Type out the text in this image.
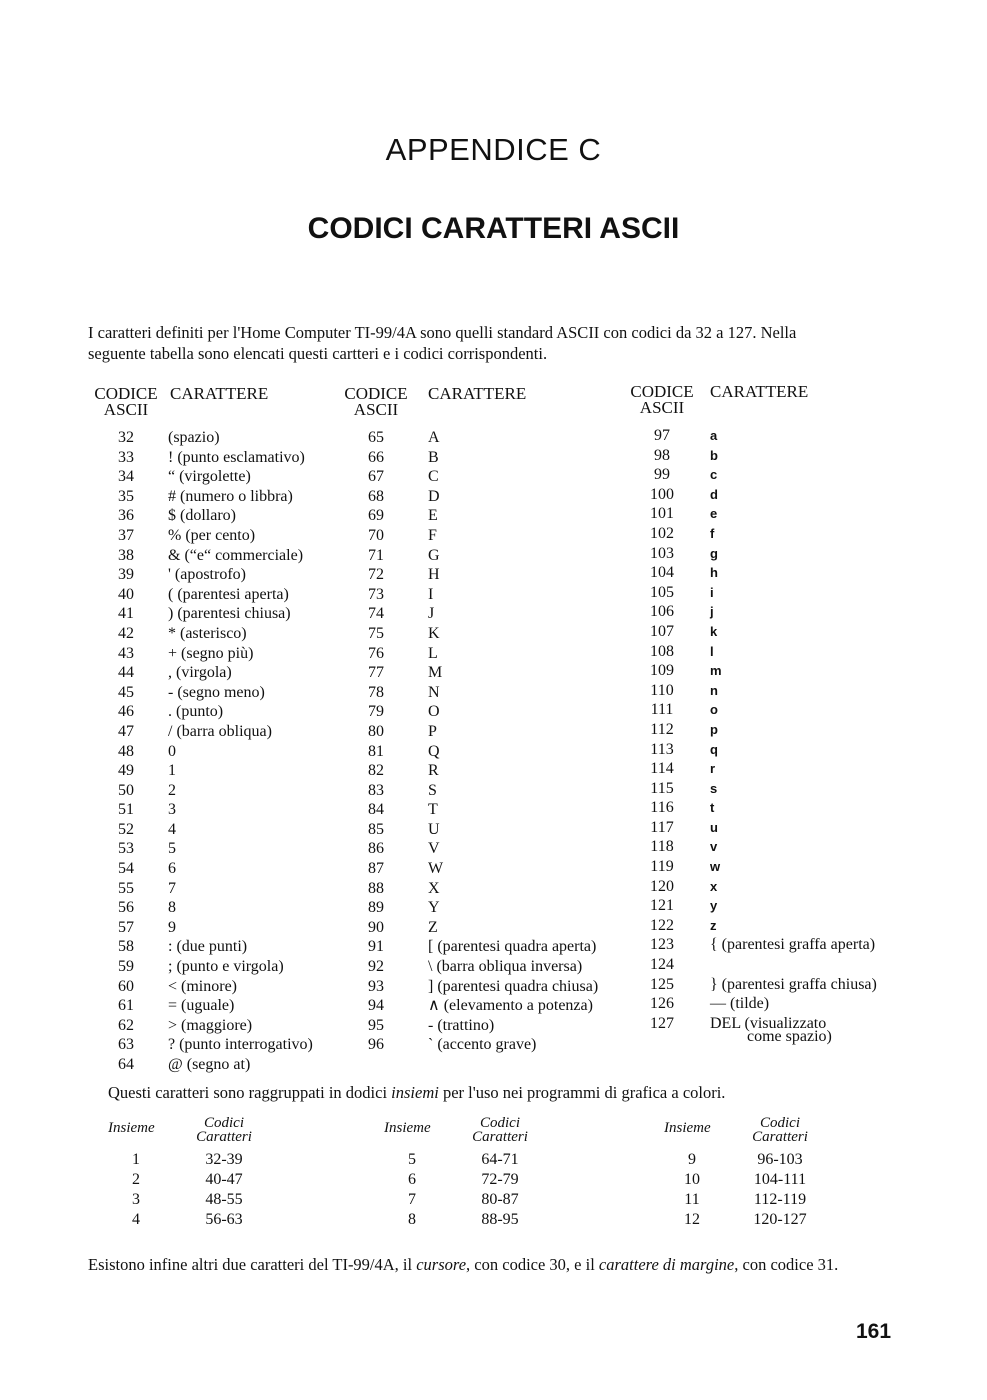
APPENDICE C
CODICI CARATTERI ASCII
I caratteri definiti per l'Home Computer TI-99/4A sono quelli standard ASCII con codici da 32 a 127. Nella
seguente tabella sono elencati questi cartteri e i codici corrispondenti.
CODICE
ASCII
CARATTERE
32	(spazio)
33	! (punto esclamativo)
34	“ (virgolette)
35	# (numero o libbra)
36	$ (dollaro)
37	% (per cento)
38	& (“e“ commerciale)
39	' (apostrofo)
40	( (parentesi aperta)
41	) (parentesi chiusa)
42	* (asterisco)
43	+ (segno più)
44	, (virgola)
45	- (segno meno)
46	. (punto)
47	/ (barra obliqua)
48	0
49	1
50	2
51	3
52	4
53	5
54	6
55	7
56	8
57	9
58	: (due punti)
59	; (punto e virgola)
60	< (minore)
61	= (uguale)
62	> (maggiore)
63	? (punto interrogativo)
64	@ (segno at)
CODICE
ASCII
CARATTERE
65	A
66	B
67	C
68	D
69	E
70	F
71	G
72	H
73	I
74	J
75	K
76	L
77	M
78	N
79	O
80	P
81	Q
82	R
83	S
84	T
85	U
86	V
87	W
88	X
89	Y
90	Z
91	[ (parentesi quadra aperta)
92	\ (barra obliqua inversa)
93	] (parentesi quadra chiusa)
94	∧ (elevamento a potenza)
95	- (trattino)
96	` (accento grave)
CODICE
ASCII
CARATTERE
97	a
98	b
99	c
100	d
101	e
102	f
103	g
104	h
105	i
106	j
107	k
108	l
109	m
110	n
111	o
112	p
113	q
114	r
115	s
116	t
117	u
118	v
119	w
120	x
121	y
122	z
123	{ (parentesi graffa aperta)
124
125	} (parentesi graffa chiusa)
126	— (tilde)
127	DEL (visualizzato
come spazio)
Questi caratteri sono raggruppati in dodici insiemi per l'uso nei programmi di grafica a colori.
Insieme	Codici
Caratteri
1	32-39
2	40-47
3	48-55
4	56-63
Insieme	Codici
Caratteri
5	64-71
6	72-79
7	80-87
8	88-95
Insieme	Codici
Caratteri
9	96-103
10	104-111
11	112-119
12	120-127
Esistono infine altri due caratteri del TI-99/4A, il cursore, con codice 30, e il carattere di margine, con codice 31.
161
